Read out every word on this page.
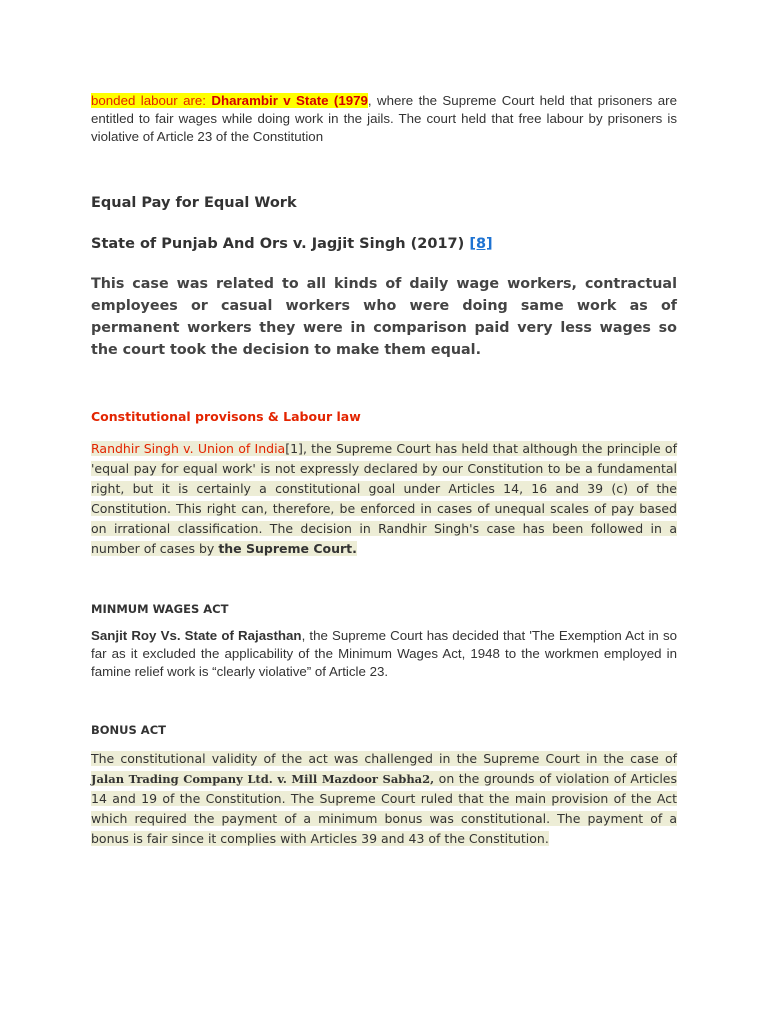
bonded labour are: Dharambir v State (1979, where the Supreme Court held that prisoners are entitled to fair wages while doing work in the jails. The court held that free labour by prisoners is violative of Article 23 of the Constitution

Equal Pay for Equal Work
State of Punjab And Ors v. Jagjit Singh (2017) [8]

This case was related to all kinds of daily wage workers, contractual employees or casual workers who were doing same work as of permanent workers they were in comparison paid very less wages so the court took the decision to make them equal.

Constitutional provisons & Labour law

Randhir Singh v. Union of India[1], the Supreme Court has held that although the principle of 'equal pay for equal work' is not expressly declared by our Constitution to be a fundamental right, but it is certainly a constitutional goal under Articles 14, 16 and 39 (c) of the Constitution. This right can, therefore, be enforced in cases of unequal scales of pay based on irrational classification. The decision in Randhir Singh's case has been followed in a number of cases by the Supreme Court.

MINMUM WAGES ACT

Sanjit Roy Vs. State of Rajasthan, the Supreme Court has decided that 'The Exemption Act in so far as it excluded the applicability of the Minimum Wages Act, 1948 to the workmen employed in famine relief work is “clearly violative” of Article 23.

BONUS ACT

The constitutional validity of the act was challenged in the Supreme Court in the case of Jalan Trading Company Ltd. v. Mill Mazdoor Sabha2, on the grounds of violation of Articles 14 and 19 of the Constitution. The Supreme Court ruled that the main provision of the Act which required the payment of a minimum bonus was constitutional. The payment of a bonus is fair since it complies with Articles 39 and 43 of the Constitution.
